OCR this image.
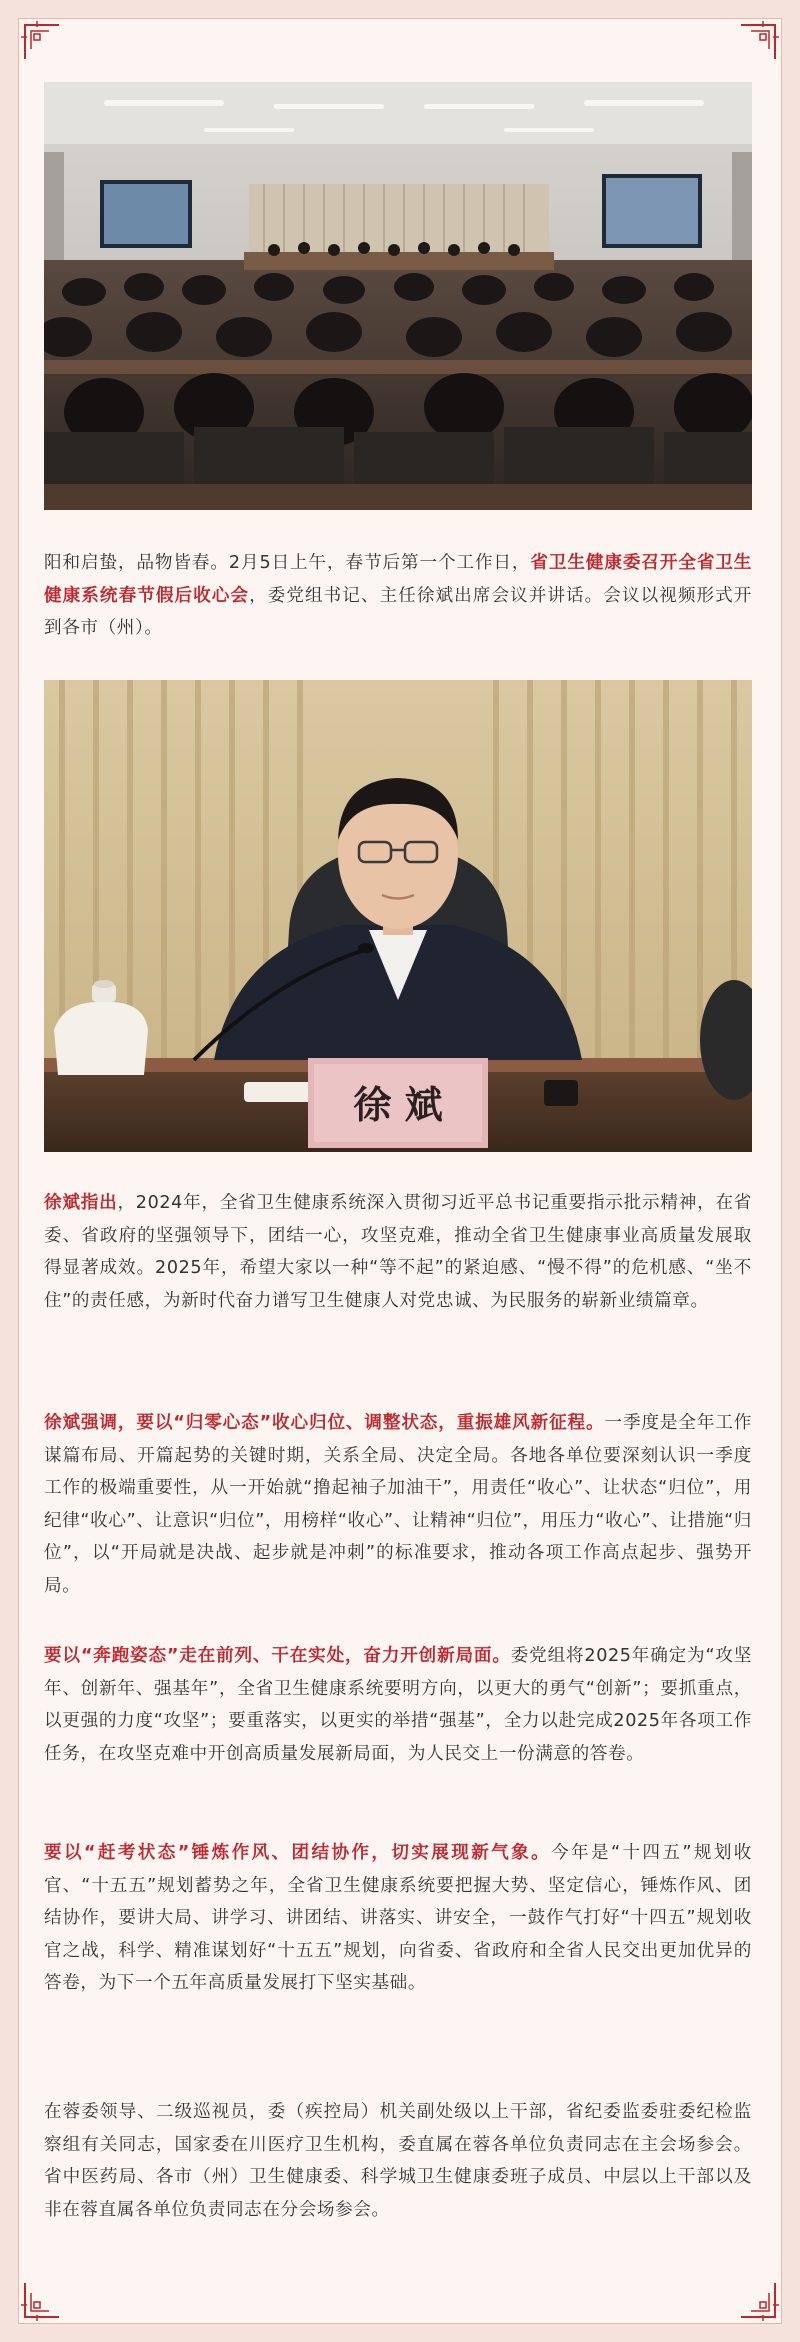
阳和启蛰，品物皆春。2月5日上午，春节后第一个工作日，省卫生健康委召开全省卫生健康系统春节假后收心会，委党组书记、主任徐斌出席会议并讲话。会议以视频形式开到各市（州）。

徐 斌

徐斌指出，2024年，全省卫生健康系统深入贯彻习近平总书记重要指示批示精神，在省委、省政府的坚强领导下，团结一心，攻坚克难，推动全省卫生健康事业高质量发展取得显著成效。2025年，希望大家以一种“等不起”的紧迫感、“慢不得”的危机感、“坐不住”的责任感，为新时代奋力谱写卫生健康人对党忠诚、为民服务的崭新业绩篇章。

徐斌强调，要以“归零心态”收心归位、调整状态，重振雄风新征程。一季度是全年工作谋篇布局、开篇起势的关键时期，关系全局、决定全局。各地各单位要深刻认识一季度工作的极端重要性，从一开始就“撸起袖子加油干”，用责任“收心”、让状态“归位”，用纪律“收心”、让意识“归位”，用榜样“收心”、让精神“归位”，用压力“收心”、让措施“归位”，以“开局就是决战、起步就是冲刺”的标准要求，推动各项工作高点起步、强势开局。

要以“奔跑姿态”走在前列、干在实处，奋力开创新局面。委党组将2025年确定为“攻坚年、创新年、强基年”，全省卫生健康系统要明方向，以更大的勇气“创新”；要抓重点，以更强的力度“攻坚”；要重落实，以更实的举措“强基”，全力以赴完成2025年各项工作任务，在攻坚克难中开创高质量发展新局面，为人民交上一份满意的答卷。

要以“赶考状态”锤炼作风、团结协作，切实展现新气象。今年是“十四五”规划收官、“十五五”规划蓄势之年，全省卫生健康系统要把握大势、坚定信心，锤炼作风、团结协作，要讲大局、讲学习、讲团结、讲落实、讲安全，一鼓作气打好“十四五”规划收官之战，科学、精准谋划好“十五五”规划，向省委、省政府和全省人民交出更加优异的答卷，为下一个五年高质量发展打下坚实基础。

在蓉委领导、二级巡视员，委（疾控局）机关副处级以上干部，省纪委监委驻委纪检监察组有关同志，国家委在川医疗卫生机构，委直属在蓉各单位负责同志在主会场参会。省中医药局、各市（州）卫生健康委、科学城卫生健康委班子成员、中层以上干部以及非在蓉直属各单位负责同志在分会场参会。
